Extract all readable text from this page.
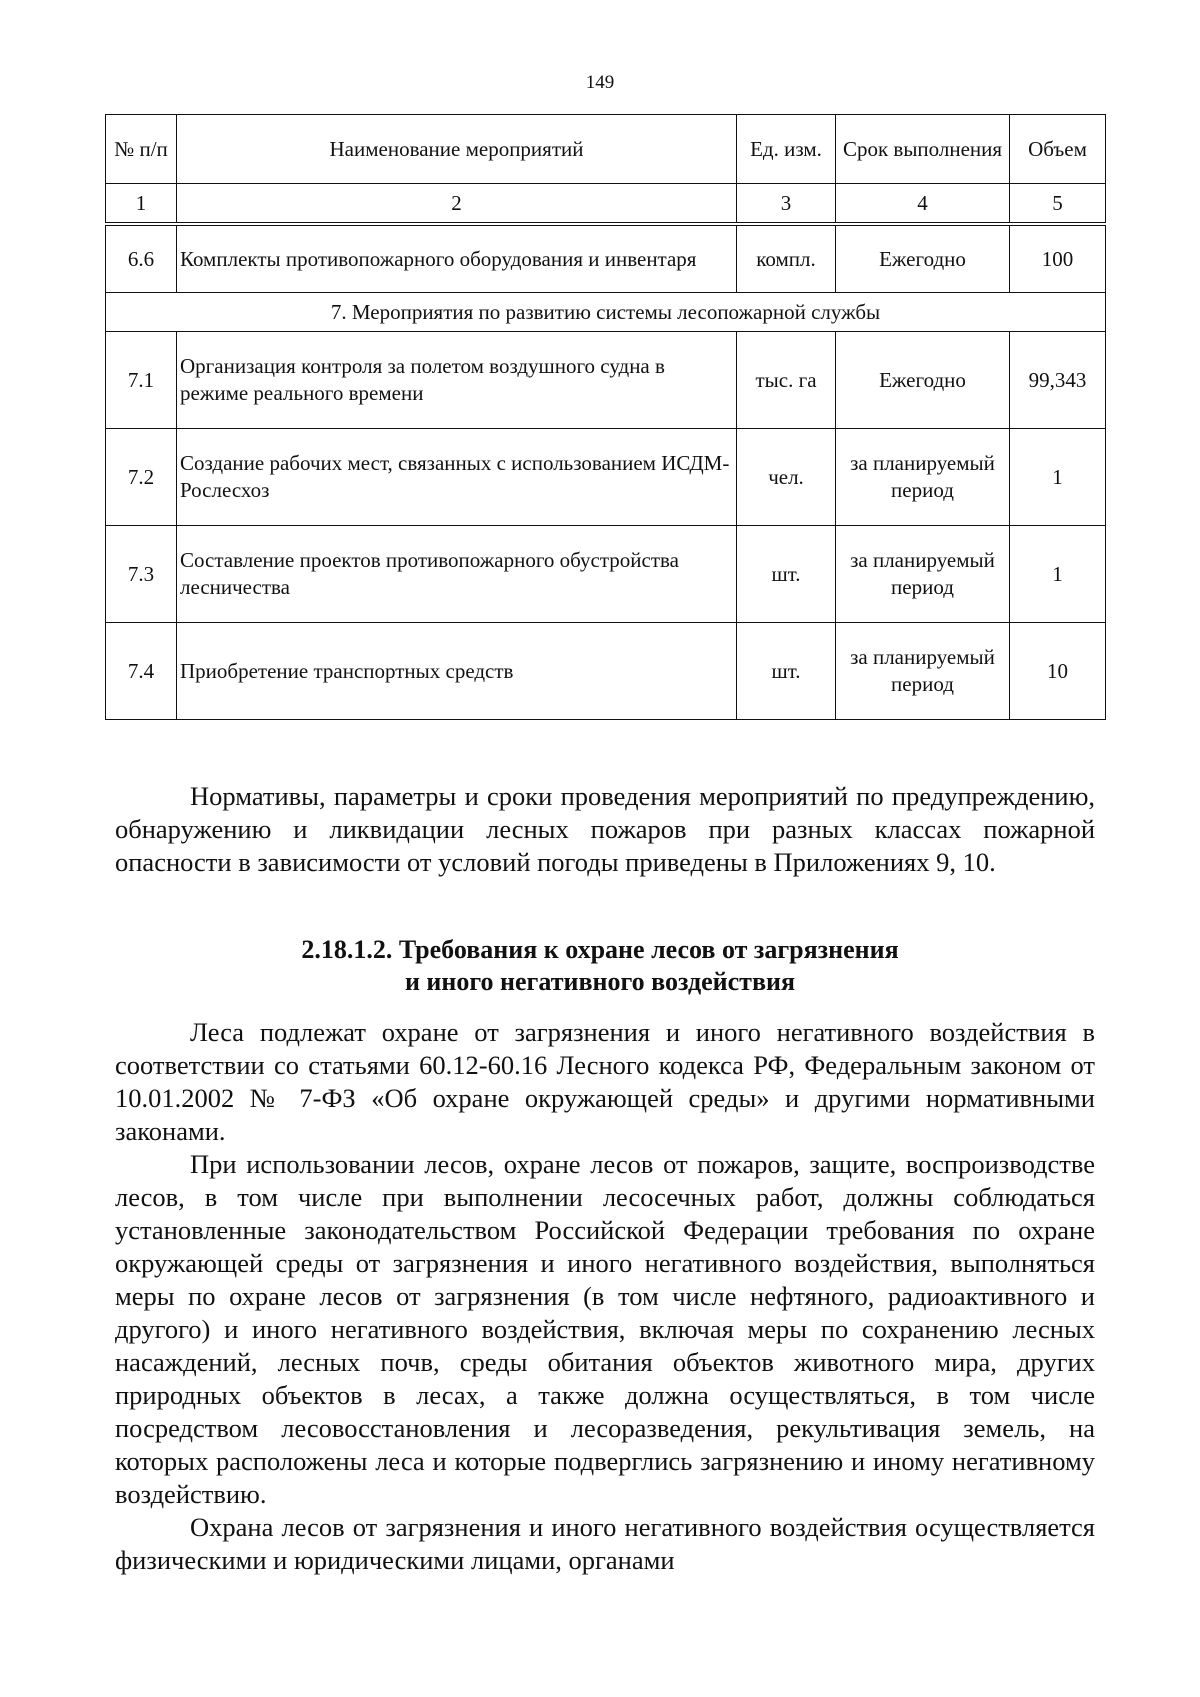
149
№ п/п	Наименование мероприятий	Ед. изм.	Срок выполнения	Объем
1	2	3	4	5
6.6	Комплекты противопожарного оборудования и инвентаря	компл.	Ежегодно	100
7. Мероприятия по развитию системы лесопожарной службы				
7.1	Организация контроля за полетом воздушного судна в режиме реального времени	тыс. га	Ежегодно	99,343
7.2	Создание рабочих мест, связанных с использованием ИСДМ-Рослесхоз	чел.	за планируемый период	1
7.3	Составление проектов противопожарного обустройства лесничества	шт.	за планируемый период	1
7.4	Приобретение транспортных средств	шт.	за планируемый период	10

Нормативы, параметры и сроки проведения мероприятий по предупреждению, обнаружению и ликвидации лесных пожаров при разных классах пожарной опасности в зависимости от условий погоды приведены в Приложениях 9, 10.

2.18.1.2. Требования к охране лесов от загрязнения
и иного негативного воздействия

Леса подлежат охране от загрязнения и иного негативного воздействия в соответствии со статьями 60.12-60.16 Лесного кодекса РФ, Федеральным законом от 10.01.2002 № 7-ФЗ «Об охране окружающей среды» и другими нормативными законами.

При использовании лесов, охране лесов от пожаров, защите, воспроизводстве лесов, в том числе при выполнении лесосечных работ, должны соблюдаться установленные законодательством Российской Федерации требования по охране окружающей среды от загрязнения и иного негативного воздействия, выполняться меры по охране лесов от загрязнения (в том числе нефтяного, радиоактивного и другого) и иного негативного воздействия, включая меры по сохранению лесных насаждений, лесных почв, среды обитания объектов животного мира, других природных объектов в лесах, а также должна осуществляться, в том числе посредством лесовосстановления и лесоразведения, рекультивация земель, на которых расположены леса и которые подверглись загрязнению и иному негативному воздействию.

Охрана лесов от загрязнения и иного негативного воздействия осуществляется физическими и юридическими лицами, органами
